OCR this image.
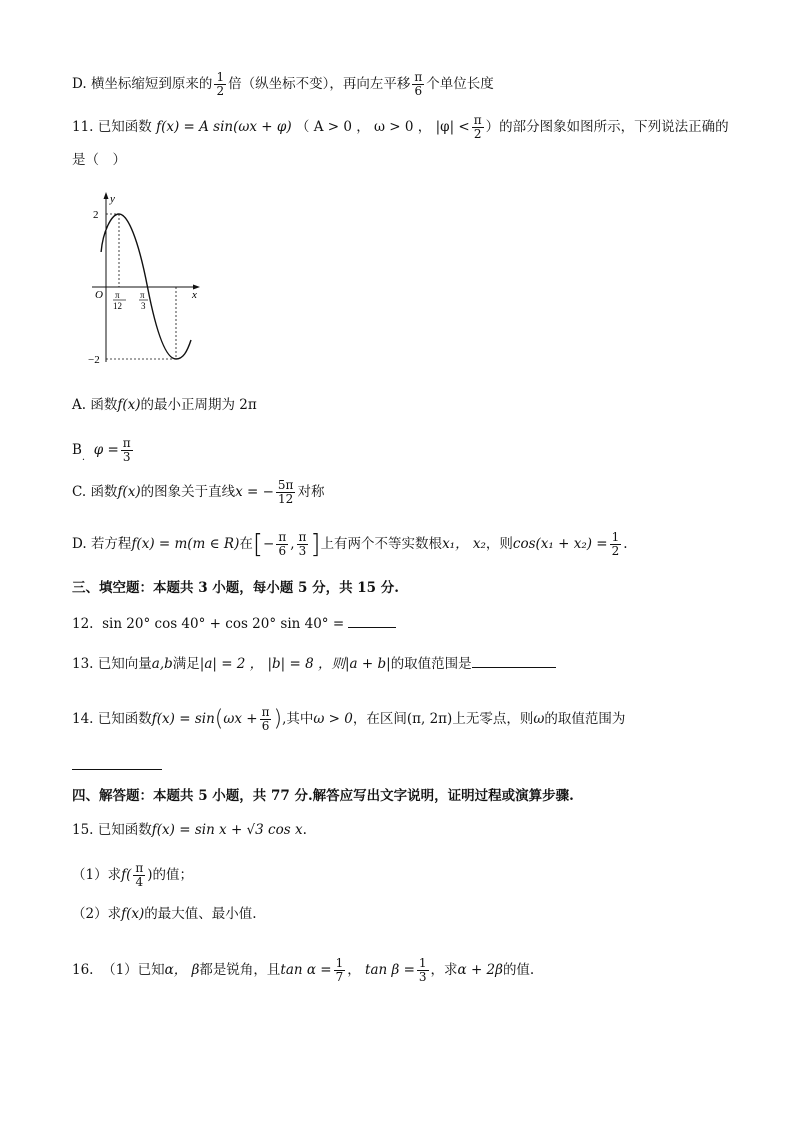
D. 横坐标缩短到原来的 $\frac{1}{2}$ 倍（纵坐标不变），再向左平移 $\frac{\pi}{6}$ 个单位长度
11. 已知函数 f(x) = A sin(ωx + φ) （ A > 0 ， ω > 0 ， $|\varphi| < \frac{\pi}{2}$ ）的部分图象如图所示，下列说法正确的
是（　）
y
x
O
2
−2
π
12
π
3
A. 函数f(x)的最小正周期为 2π
$B_.$ $\varphi = \frac{\pi}{3}$
C. 函数f(x)的图象关于直线x = − $\frac{5\pi}{12}$ 对称
D. 若方程f(x) = m(m ∈ R)在[− $\frac{\pi}{6}$ , $\frac{\pi}{3}$ ]上有两个不等实数根x₁， x₂，则$\cos(x_1 + x_2) = \frac{1}{2}$ .
三、填空题：本题共 3 小题，每小题 5 分，共 15 分.
12. sin 20° cos 40° + cos 20° sin 40° =
13. 已知向量a,b满足|a| = 2 ， |b| = 8 ，则|a + b|的取值范围是
14. 已知函数$f(x) = \sin(\omega x + \frac{\pi}{6}$ ),其中ω > 0，在区间(π, 2π)上无零点，则ω的取值范围为
四、解答题：本题共 5 小题，共 77 分.解答应写出文字说明，证明过程或演算步骤.
15. 已知函数f(x) = sin x + √3 cos x.
（1）求$f( \frac{\pi}{4}$ )的值；
（2）求f(x)的最大值、最小值.
16. （1）已知α， β都是锐角，且$\tan \alpha = \frac{1}{7}$ ， $\tan \beta = \frac{1}{3}$ ，求α + 2β的值.
